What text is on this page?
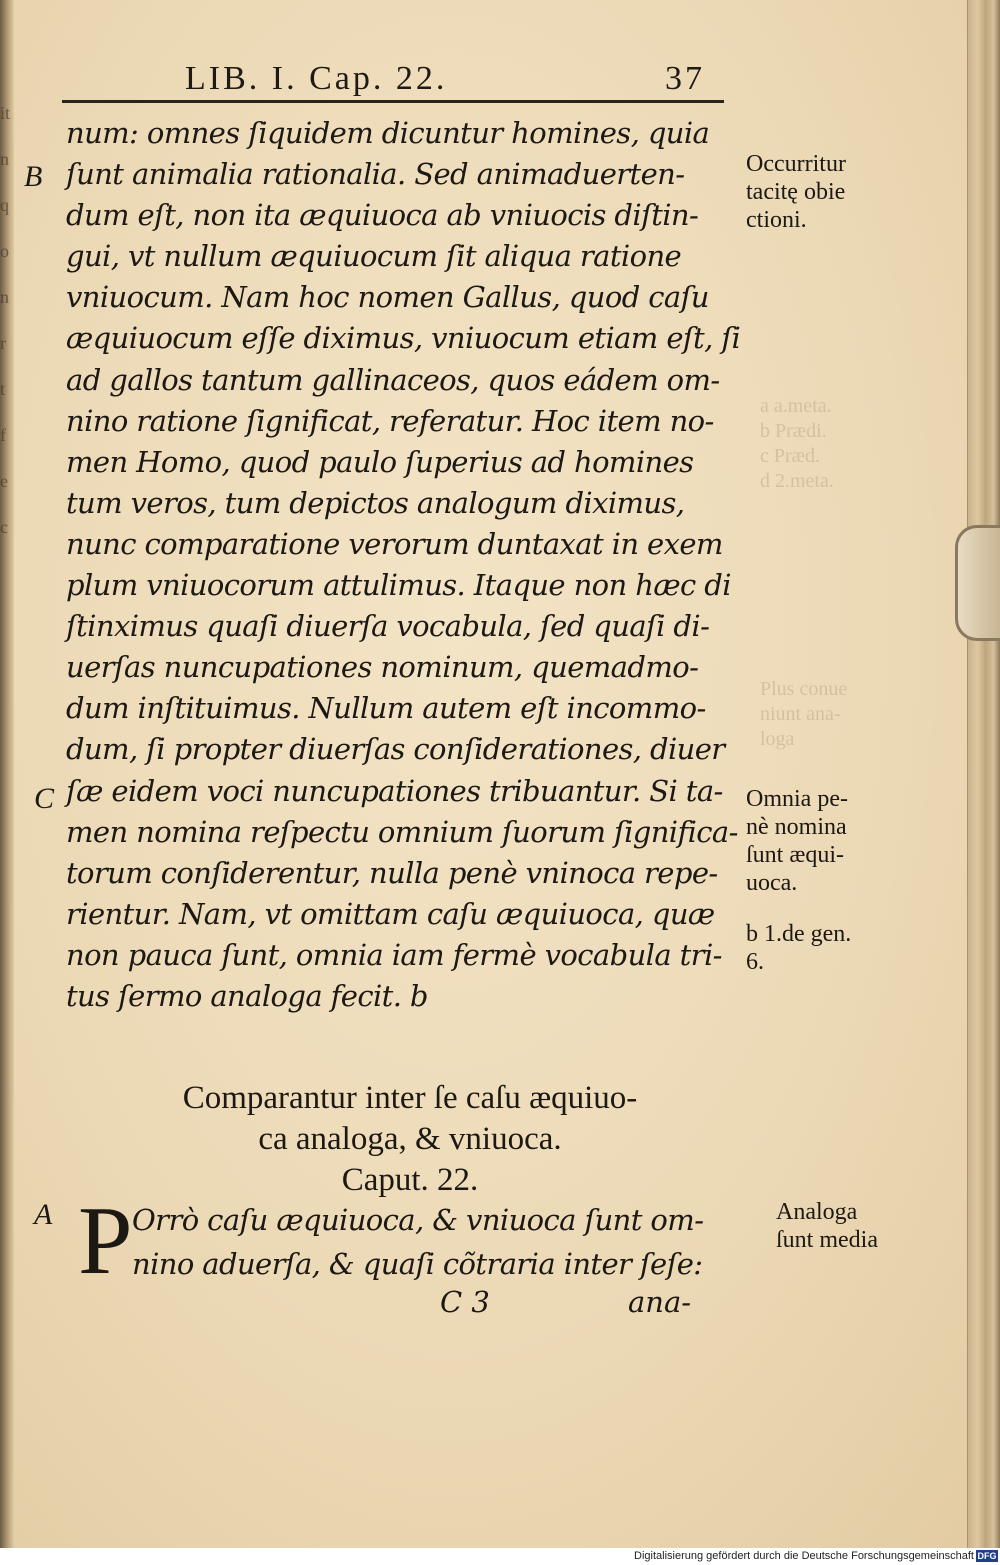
it
n
q
o
n
r
t
f
e
c
a a.meta.
b Prædi.
c Præd.
d 2.meta.
Plus conue
niunt ana-
loga
LIB. I. Cap. 22.	37
num: omnes ſiquidem dicuntur homines, quia
ſunt animalia rationalia. Sed animaduerten-
dum eſt, non ita æquiuoca ab vniuocis diſtin-
gui, vt nullum æquiuocum ſit aliqua ratione
vniuocum. Nam hoc nomen Gallus, quod caſu
æquiuocum eſſe diximus, vniuocum etiam eſt, ſi
ad gallos tantum gallinaceos, quos eádem om-
nino ratione ſignificat, referatur. Hoc item no-
men Homo, quod paulo ſuperius ad homines
tum veros, tum depictos analogum diximus,
nunc comparatione verorum duntaxat in exem
plum vniuocorum attulimus. Itaque non hæc di
ſtinximus quaſi diuerſa vocabula, ſed quaſi di-
uerſas nuncupationes nominum, quemadmo-
dum inſtituimus. Nullum autem eſt incommo-
dum, ſi propter diuerſas conſiderationes, diuer
ſæ eidem voci nuncupationes tribuantur. Si ta-
men nomina reſpectu omnium ſuorum ſignifica-
torum conſiderentur, nulla penè vninoca repe-
rientur. Nam, vt omittam caſu æquiuoca, quæ
non pauca ſunt, omnia iam fermè vocabula tri-
tus ſermo analoga fecit. b
B
C
A
Occurritur
tacitę obie
ctioni.
Omnia pe-
nè nomina
ſunt æqui-
uoca.
b 1.de gen.
6.
Analoga
ſunt media
Comparantur inter ſe caſu æquiuo-
ca analoga, & vniuoca.
Caput. 22.
P Orrò caſu æquiuoca, & vniuoca ſunt om-
nino aduerſa, & quaſi cõtraria inter ſeſe:
C 3	ana-
Digitalisierung gefördert durch die Deutsche Forschungsgemeinschaft DFG
